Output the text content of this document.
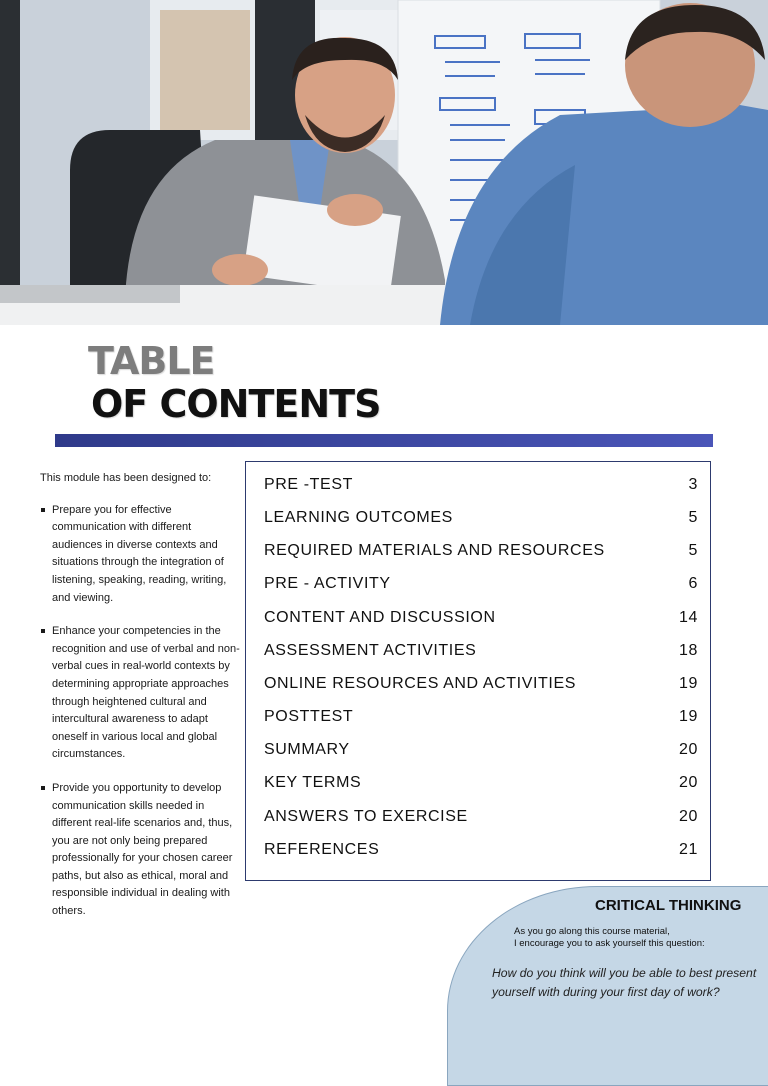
TABLE
OF CONTENTS

This module has been designed to:

Prepare you for effective communication with different audiences in diverse contexts and situations through the integration of listening, speaking, reading, writing, and viewing.
Enhance your competencies in the recognition and use of verbal and non-verbal cues in real-world contexts by determining appropriate approaches through heightened cultural and intercultural awareness to adapt oneself in various local and global circumstances.
Provide you opportunity to develop communication skills needed in different real-life scenarios and, thus, you are not only being prepared professionally for your chosen career paths, but also as ethical, moral and responsible individual in dealing with others.
PRE -TEST	3
LEARNING OUTCOMES	5
REQUIRED MATERIALS AND RESOURCES	5
PRE - ACTIVITY	6
CONTENT AND DISCUSSION	14
ASSESSMENT ACTIVITIES	18
ONLINE RESOURCES AND ACTIVITIES	19
POSTTEST	19
SUMMARY	20
KEY TERMS	20
ANSWERS TO EXERCISE	20
REFERENCES	21
CRITICAL THINKING
As you go along this course material,
I encourage you to ask yourself this question:
How do you think will you be able to best present yourself with during your first day of work?
